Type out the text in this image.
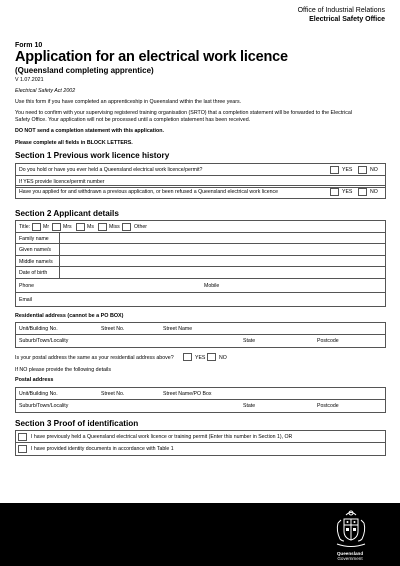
Office of Industrial Relations
Electrical Safety Office
Form 10
Application for an electrical work licence
(Queensland completing apprentice)
V 1.07.2021
Electrical Safety Act 2002
Use this form if you have completed an apprenticeship in Queensland within the last three years.
You need to confirm with your supervising registered training organisation (SRTO) that a completion statement will be forwarded to the Electrical
Safety Office. Your application will not be processed until a completion statement has been received.
DO NOT send a completion statement with this application.
Please complete all fields in BLOCK LETTERS.
Section 1 Previous work licence history
Do you hold or have you ever held a Queensland electrical work licence/permit?	YES	NO
If YES provide licence/permit number
Have you applied for and withdrawn a previous application, or been refused a Queensland electrical work licence	YES	NO
Section 2 Applicant details
Title: Mr	Mrs	Ms	Miss	Other
Family name
Given name/s
Middle name/s
Date of birth
Phone	Mobile
Email
Residential address (cannot be a PO BOX)
Unit/Building No.	Street No.	Street Name
Suburb/Town/Locality	State	Postcode
Is your postal address the same as your residential address above?	YES	NO
If NO please provide the following details
Postal address
Unit/Building No.	Street No.	Street Name/PO Box
Suburb/Town/Locality	State	Postcode
Section 3 Proof of identification
I have previously held a Queensland electrical work licence or training permit (Enter this number in Section 1), OR
I have provided identity documents in accordance with Table 1
Queensland
Government
